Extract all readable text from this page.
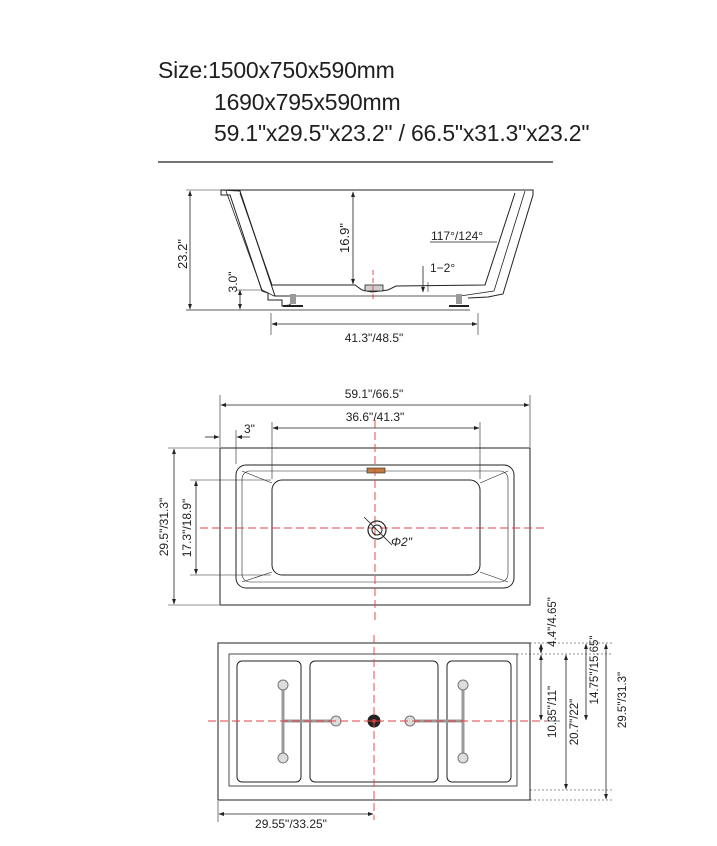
Size:1500x750x590mm
1690x795x590mm
59.1"x29.5"x23.2" / 66.5"x31.3"x23.2"
23.2"
3.0"
16.9"	117°/124°
1−2°
41.3"/48.5"
59.1"/66.5"
36.6"/41.3"
3"
29.5"/31.3" 17.3"/18.9"	Φ2"
4.4"/4.65"
10.35"/11" 20.7"/22"
14.75"/15.65" 29.5"/31.3"
29.55"/33.25"
